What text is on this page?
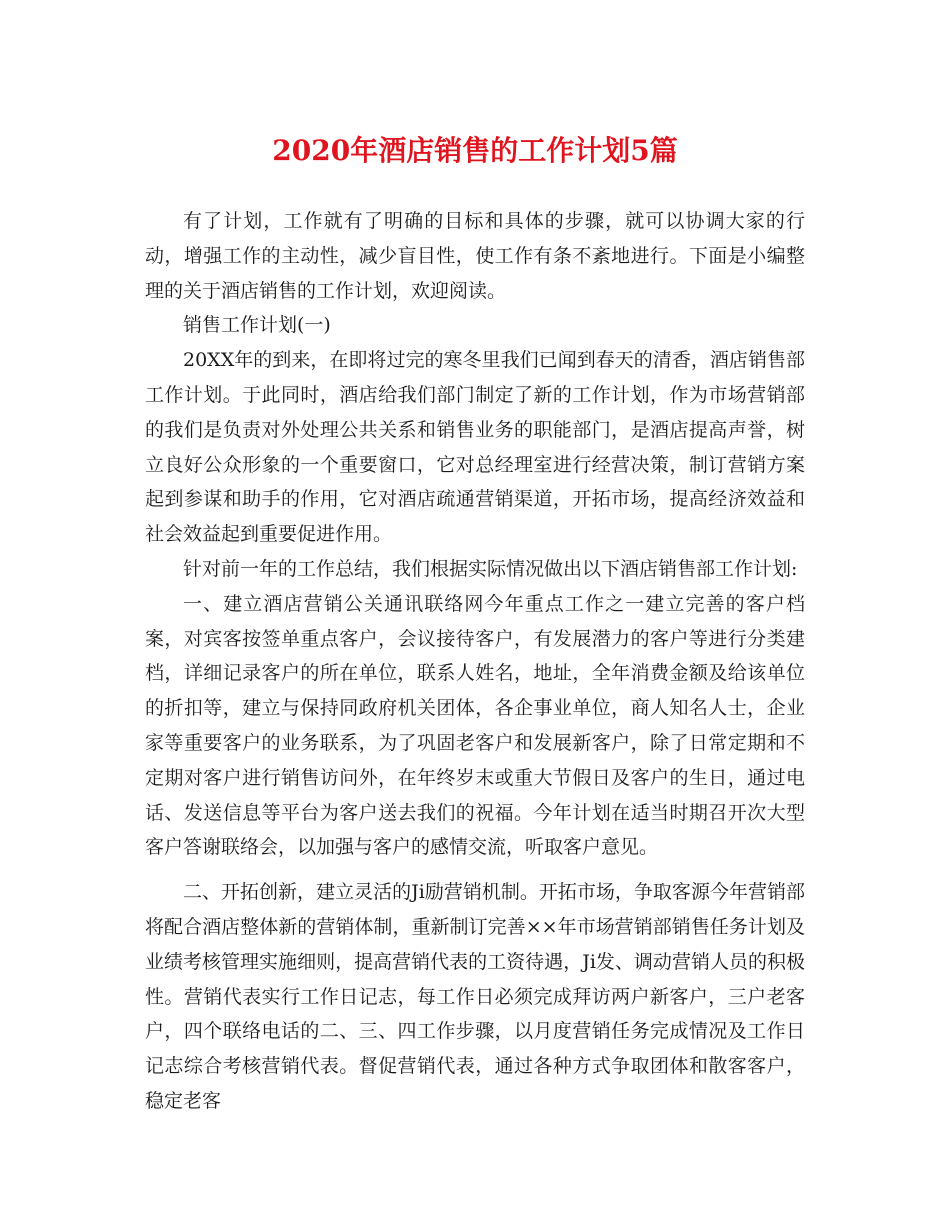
2020年酒店销售的工作计划5篇

有了计划，工作就有了明确的目标和具体的步骤，就可以协调大家的行动，增强工作的主动性，减少盲目性，使工作有条不紊地进行。下面是小编整理的关于酒店销售的工作计划，欢迎阅读。

销售工作计划(一)

20XX年的到来，在即将过完的寒冬里我们已闻到春天的清香，酒店销售部工作计划。于此同时，酒店给我们部门制定了新的工作计划，作为市场营销部的我们是负责对外处理公共关系和销售业务的职能部门，是酒店提高声誉，树立良好公众形象的一个重要窗口，它对总经理室进行经营决策，制订营销方案起到参谋和助手的作用，它对酒店疏通营销渠道，开拓市场，提高经济效益和社会效益起到重要促进作用。

针对前一年的工作总结，我们根据实际情况做出以下酒店销售部工作计划:

一、建立酒店营销公关通讯联络网今年重点工作之一建立完善的客户档案，对宾客按签单重点客户，会议接待客户，有发展潜力的客户等进行分类建档，详细记录客户的所在单位，联系人姓名，地址，全年消费金额及给该单位的折扣等，建立与保持同政府机关团体，各企事业单位，商人知名人士，企业家等重要客户的业务联系，为了巩固老客户和发展新客户，除了日常定期和不定期对客户进行销售访问外，在年终岁末或重大节假日及客户的生日，通过电话、发送信息等平台为客户送去我们的祝福。今年计划在适当时期召开次大型客户答谢联络会，以加强与客户的感情交流，听取客户意见。

二、开拓创新，建立灵活的Ji励营销机制。开拓市场，争取客源今年营销部将配合酒店整体新的营销体制，重新制订完善××年市场营销部销售任务计划及业绩考核管理实施细则，提高营销代表的工资待遇，Ji发、调动营销人员的积极性。营销代表实行工作日记志，每工作日必须完成拜访两户新客户，三户老客户，四个联络电话的二、三、四工作步骤，以月度营销任务完成情况及工作日记志综合考核营销代表。督促营销代表，通过各种方式争取团体和散客客户，稳定老客
